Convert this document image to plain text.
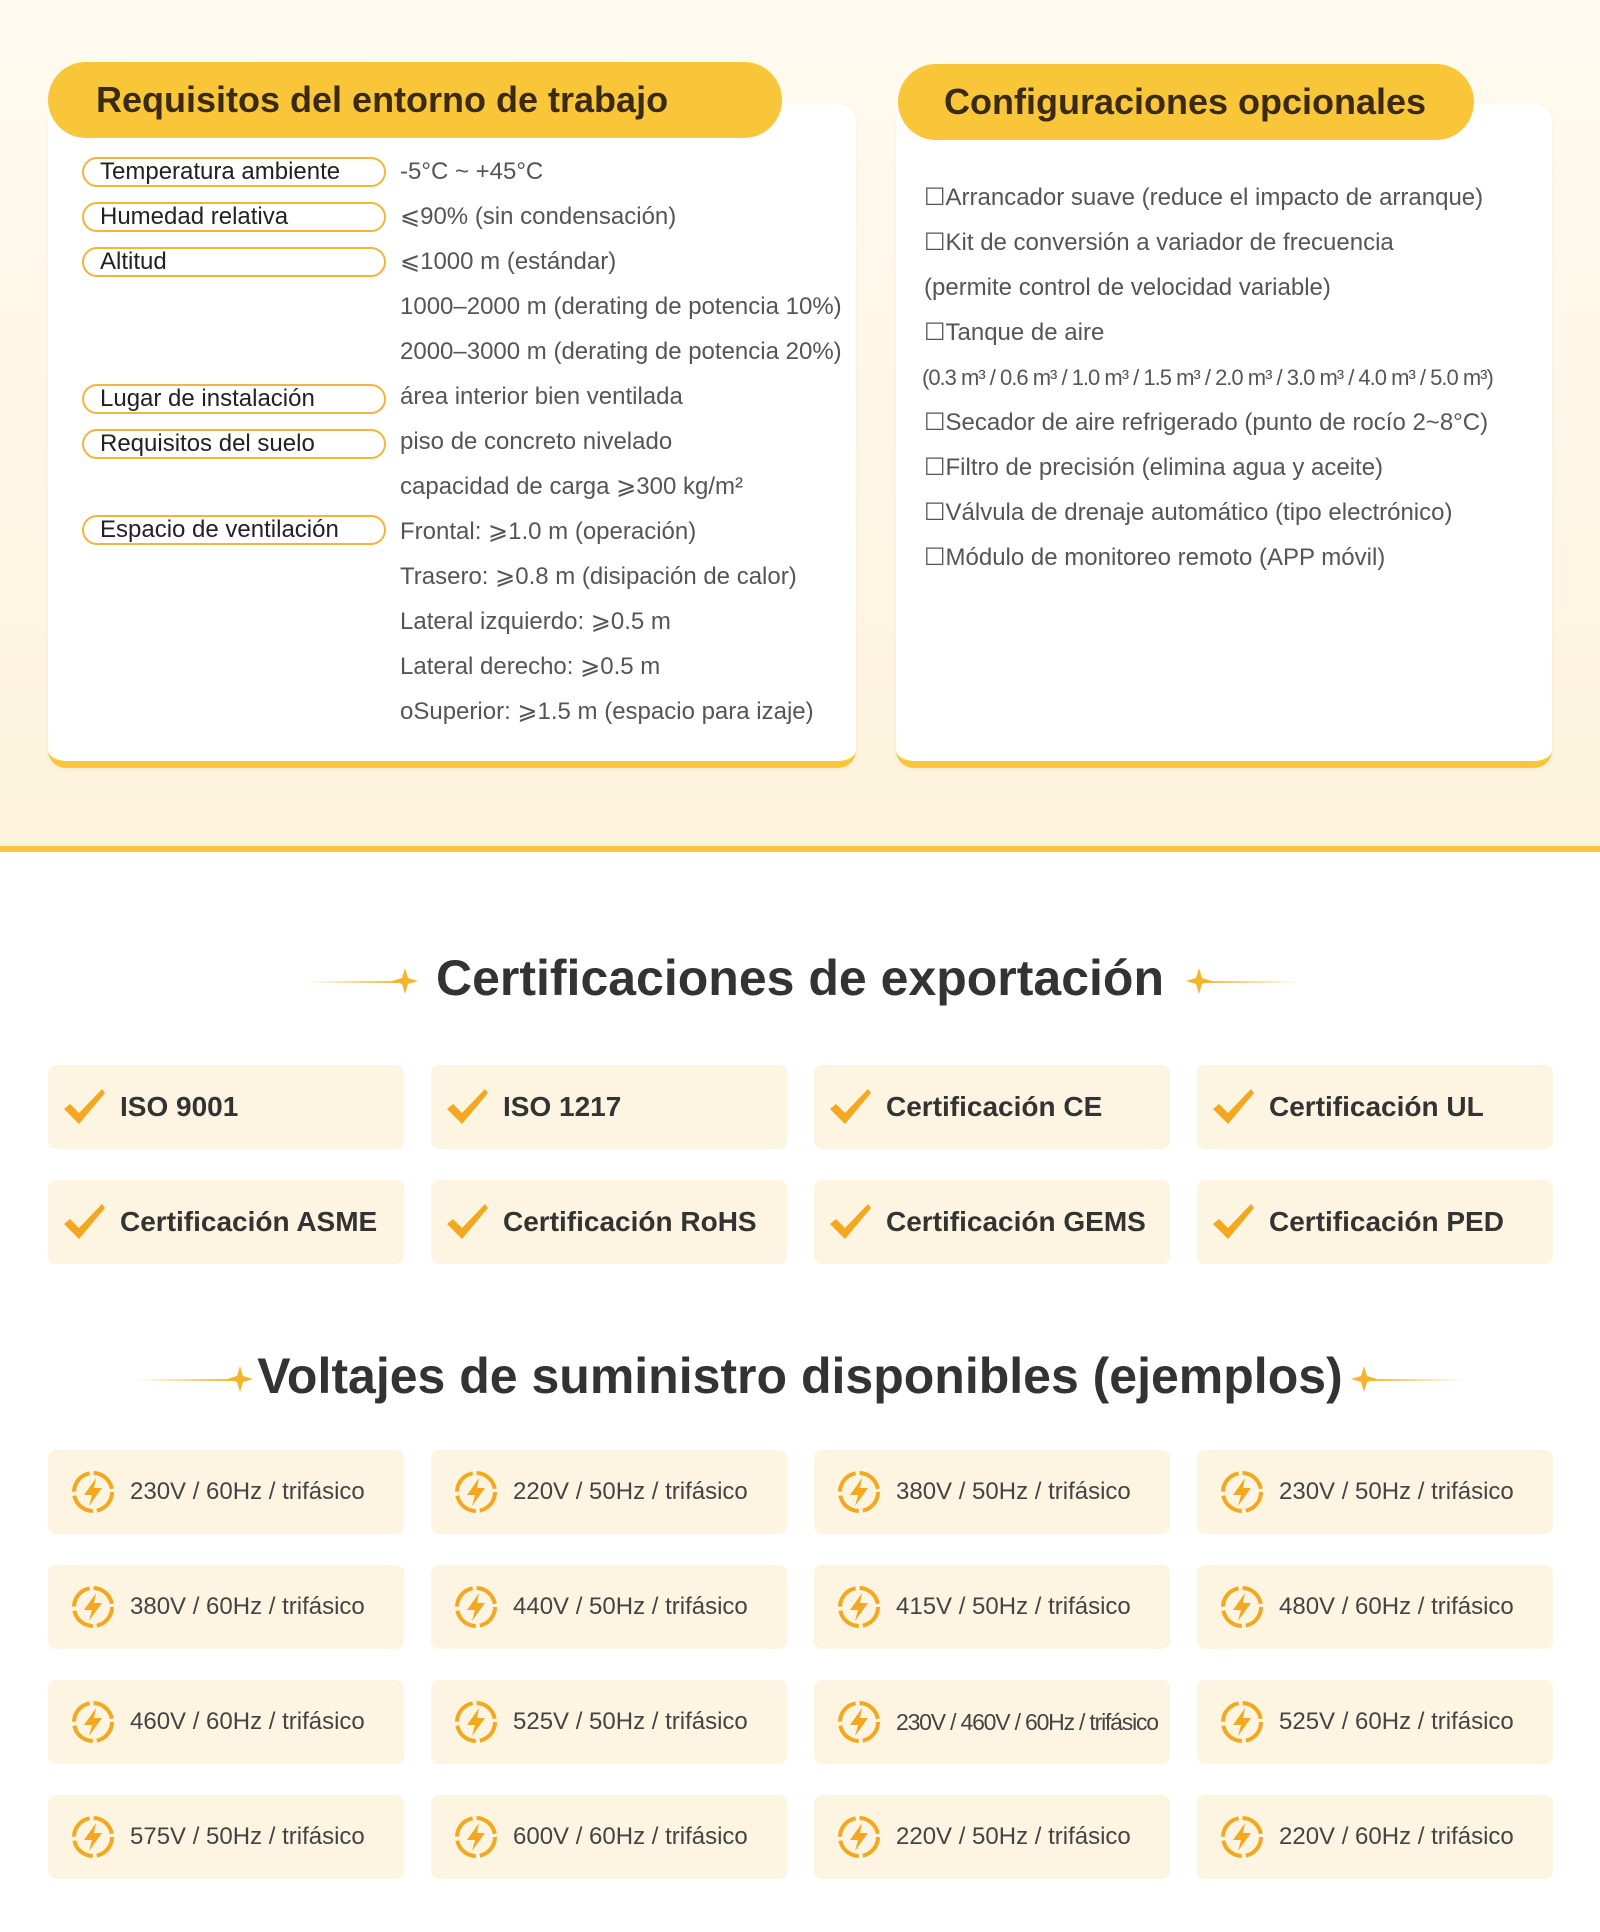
Requisitos del entorno de trabajo
Temperatura ambiente	-5°C ~ +45°C
Humedad relativa	⩽90% (sin condensación)
Altitud	⩽1000 m (estándar)
1000–2000 m (derating de potencia 10%)
2000–3000 m (derating de potencia 20%)
Lugar de instalación	área interior bien ventilada
Requisitos del suelo	piso de concreto nivelado
capacidad de carga ⩾300 kg/m²
Espacio de ventilación	Frontal: ⩾1.0 m (operación)
Trasero: ⩾0.8 m (disipación de calor)
Lateral izquierdo: ⩾0.5 m
Lateral derecho: ⩾0.5 m
oSuperior: ⩾1.5 m (espacio para izaje)
Configuraciones opcionales
☐Arrancador suave (reduce el impacto de arranque)
☐Kit de conversión a variador de frecuencia
(permite control de velocidad variable)
☐Tanque de aire
(0.3 m³ / 0.6 m³ / 1.0 m³ / 1.5 m³ / 2.0 m³ / 3.0 m³ / 4.0 m³ / 5.0 m³)
☐Secador de aire refrigerado (punto de rocío 2~8°C)
☐Filtro de precisión (elimina agua y aceite)
☐Válvula de drenaje automático (tipo electrónico)
☐Módulo de monitoreo remoto (APP móvil)
Certificaciones de exportación
ISO 9001	ISO 1217	Certificación CE	Certificación UL
Certificación ASME	Certificación RoHS	Certificación GEMS	Certificación PED
Voltajes de suministro disponibles (ejemplos)
230V / 60Hz / trifásico	220V / 50Hz / trifásico	380V / 50Hz / trifásico	230V / 50Hz / trifásico
380V / 60Hz / trifásico	440V / 50Hz / trifásico	415V / 50Hz / trifásico	480V / 60Hz / trifásico
460V / 60Hz / trifásico	525V / 50Hz / trifásico	230V / 460V / 60Hz / trifásico	525V / 60Hz / trifásico
575V / 50Hz / trifásico	600V / 60Hz / trifásico	220V / 50Hz / trifásico	220V / 60Hz / trifásico
